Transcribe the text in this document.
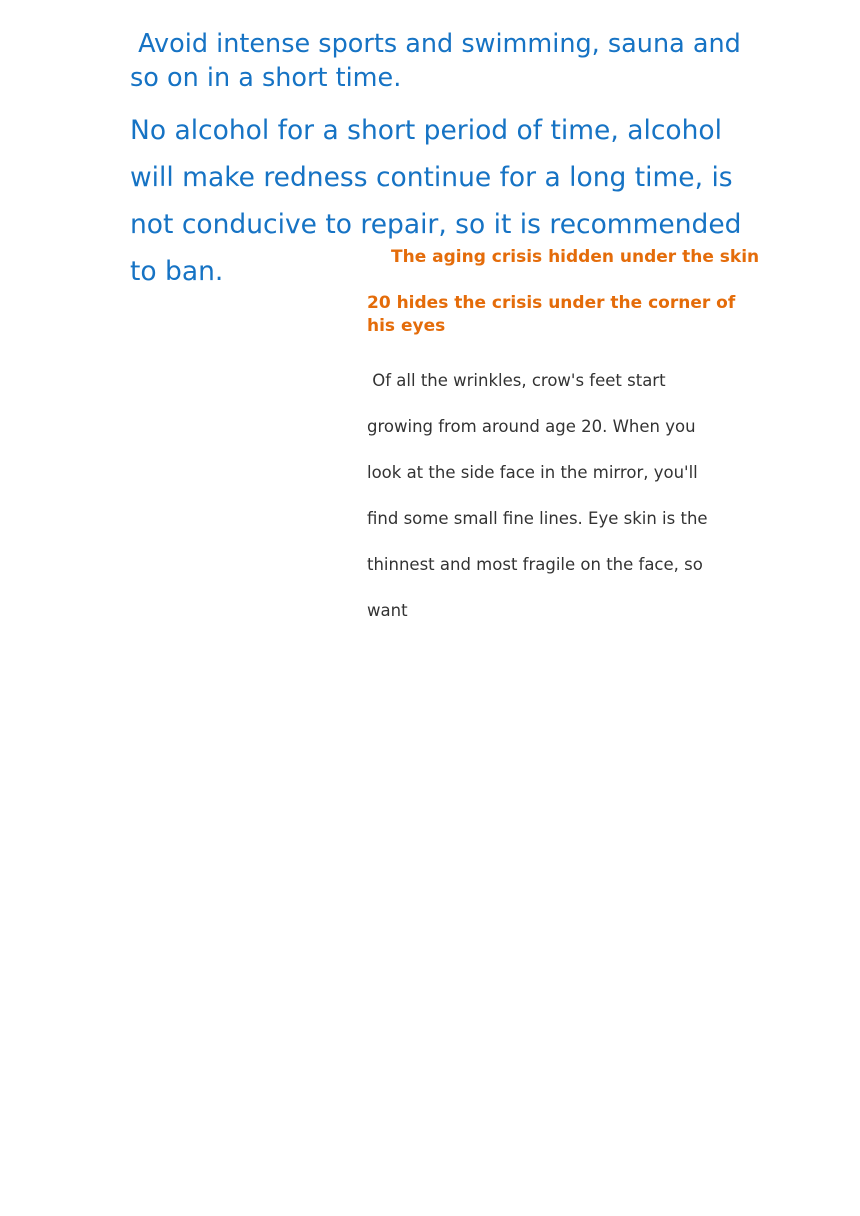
Avoid intense sports and swimming, sauna and so on in a short time.

No alcohol for a short period of time, alcohol will make redness continue for a long time, is not conducive to repair, so it is recommended to ban.	The aging crisis hidden under the skin
20 hides the crisis under the corner of his eyes

Of all the wrinkles, crow's feet start growing from around age 20. When you look at the side face in the mirror, you'll find some small fine lines. Eye skin is the thinnest and most fragile on the face, so want
